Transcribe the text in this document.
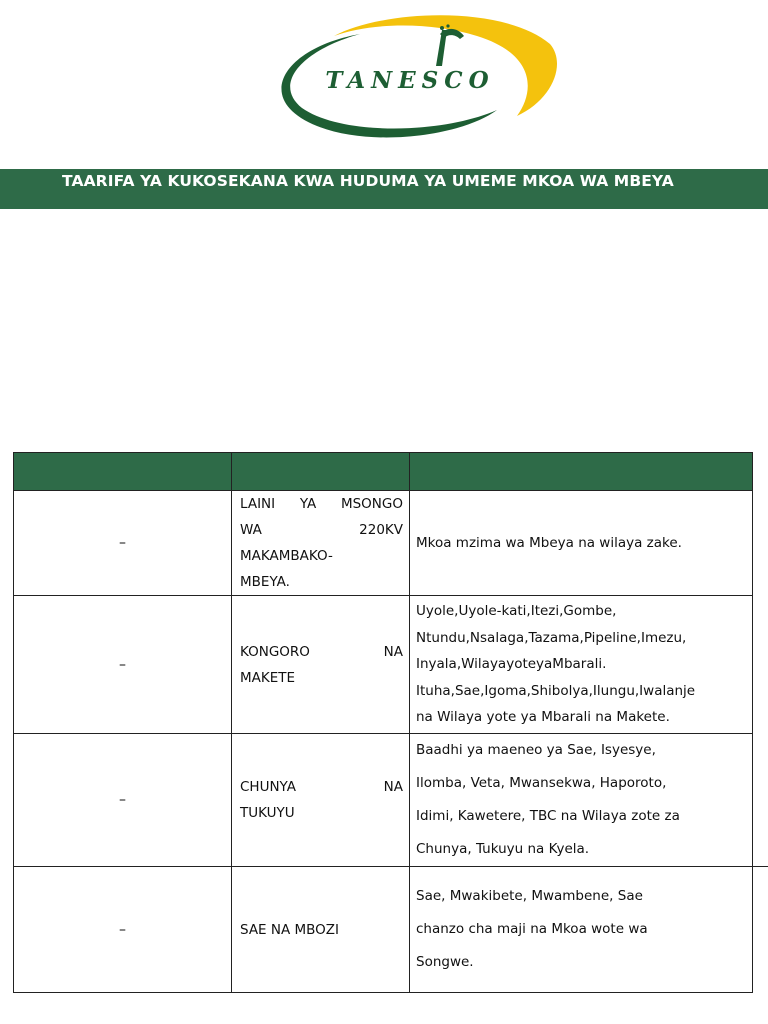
TANESCO
TAARIFA YA KUKOSEKANA KWA HUDUMA YA UMEME MKOA WA MBEYA

–	LAINI YA MSONGO
WA 220KV
MAKAMBAKO-
MBEYA.	Mkoa mzima wa Mbeya na wilaya zake.
–	KONGORO NA
MAKETE	Uyole,Uyole-kati,Itezi,Gombe,
Ntundu,Nsalaga,Tazama,Pipeline,Imezu,
Inyala,WilayayoteyaMbarali.
Ituha,Sae,Igoma,Shibolya,Ilungu,Iwalanje
na Wilaya yote ya Mbarali na Makete.

–	CHUNYA NA
TUKUYU	Baadhi ya maeneo ya Sae, Isyesye,
Ilomba, Veta, Mwansekwa, Haporoto,
Idimi, Kawetere, TBC na Wilaya zote za
Chunya, Tukuyu na Kyela.

–	SAE NA MBOZI	Sae, Mwakibete, Mwambene, Sae
chanzo cha maji na Mkoa wote wa
Songwe.
